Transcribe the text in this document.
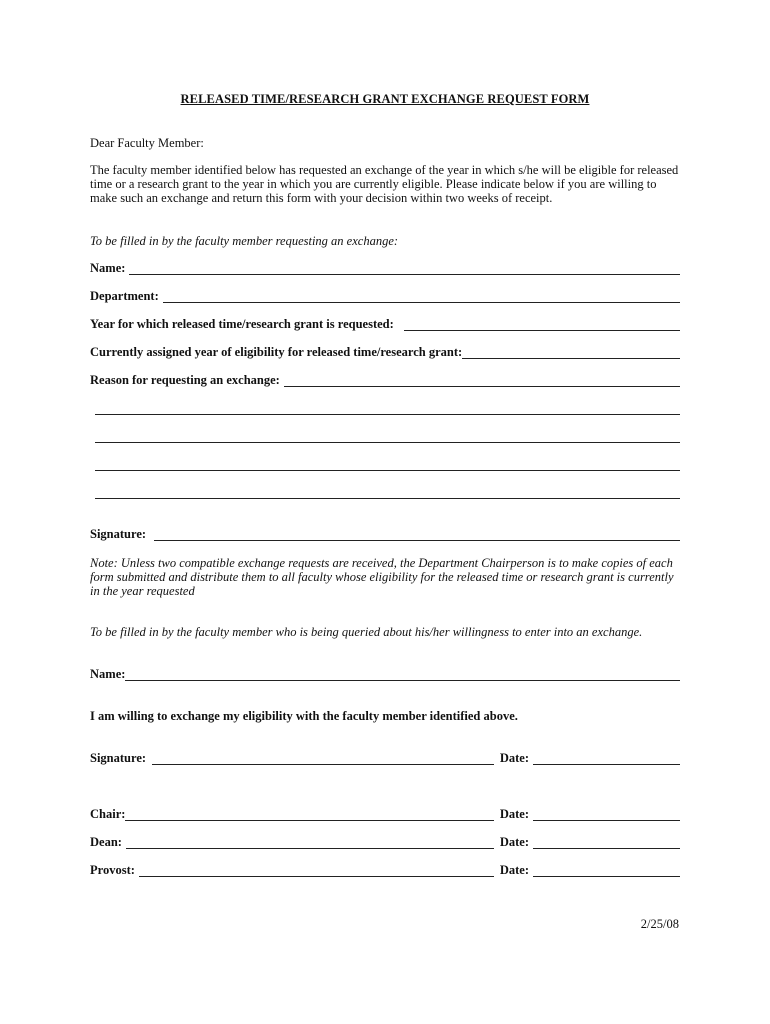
RELEASED TIME/RESEARCH GRANT EXCHANGE REQUEST FORM
Dear Faculty Member:
The faculty member identified below has requested an exchange of the year in which s/he will be eligible for released time or a research grant to the year in which you are currently eligible. Please indicate below if you are willing to make such an exchange and return this form with your decision within two weeks of receipt.
To be filled in by the faculty member requesting an exchange:
Name:
Department:
Year for which released time/research grant is requested:
Currently assigned year of eligibility for released time/research grant:
Reason for requesting an exchange:
Signature:
Note: Unless two compatible exchange requests are received, the Department Chairperson is to make copies of each form submitted and distribute them to all faculty whose eligibility for the released time or research grant is currently in the year requested
To be filled in by the faculty member who is being queried about his/her willingness to enter into an exchange.
Name:
I am willing to exchange my eligibility with the faculty member identified above.
Signature:	Date:
Chair:	Date:
Dean:	Date:
Provost:	Date:
2/25/08
